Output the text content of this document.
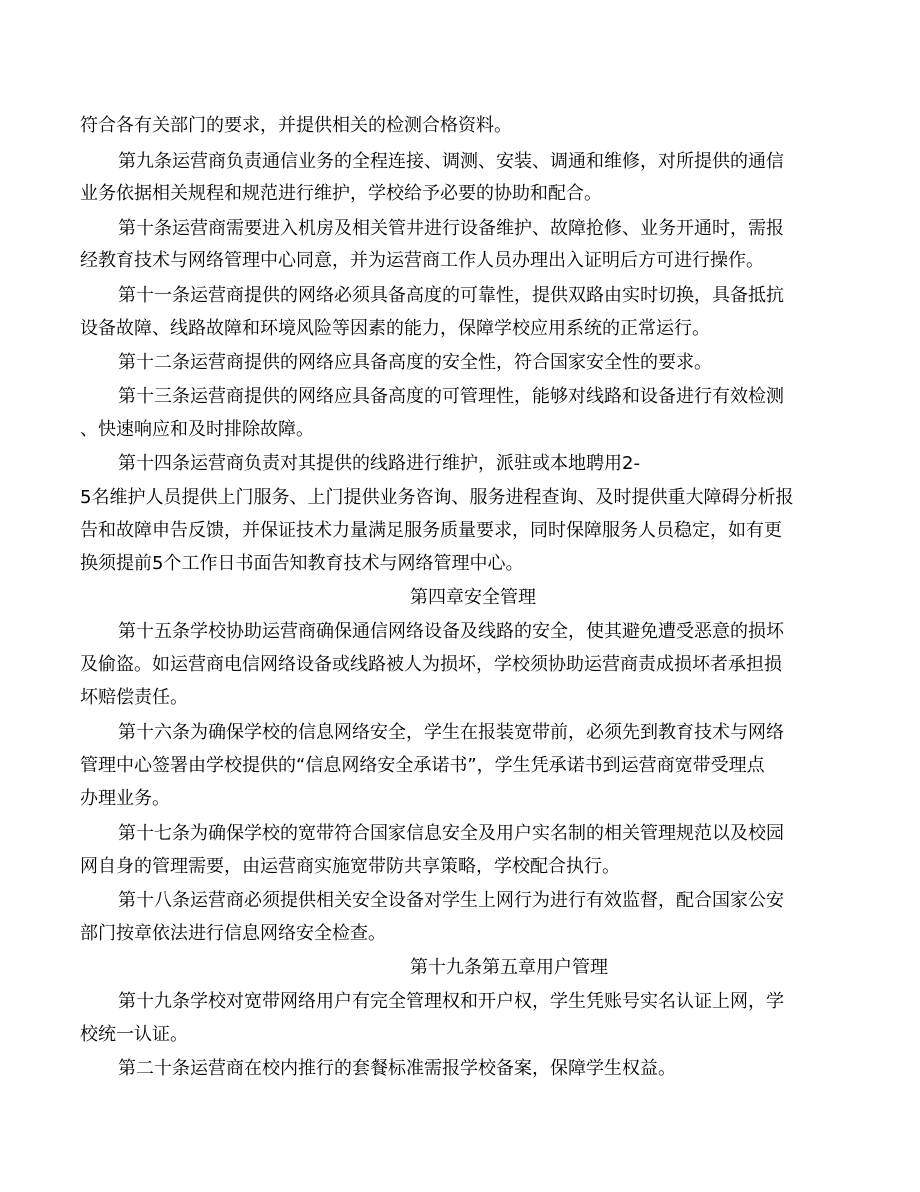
符合各有关部门的要求，并提供相关的检测合格资料。
第九条运营商负责通信业务的全程连接、调测、安装、调通和维修，对所提供的通信
业务依据相关规程和规范进行维护，学校给予必要的协助和配合。
第十条运营商需要进入机房及相关管井进行设备维护、故障抢修、业务开通时，需报
经教育技术与网络管理中心同意，并为运营商工作人员办理出入证明后方可进行操作。
第十一条运营商提供的网络必须具备高度的可靠性，提供双路由实时切换，具备抵抗
设备故障、线路故障和环境风险等因素的能力，保障学校应用系统的正常运行。
第十二条运营商提供的网络应具备高度的安全性，符合国家安全性的要求。
第十三条运营商提供的网络应具备高度的可管理性，能够对线路和设备进行有效检测
、快速响应和及时排除故障。
第十四条运营商负责对其提供的线路进行维护，派驻或本地聘用2-
5名维护人员提供上门服务、上门提供业务咨询、服务进程查询、及时提供重大障碍分析报
告和故障申告反馈，并保证技术力量满足服务质量要求，同时保障服务人员稳定，如有更
换须提前5个工作日书面告知教育技术与网络管理中心。
第四章安全管理
第十五条学校协助运营商确保通信网络设备及线路的安全，使其避免遭受恶意的损坏
及偷盗。如运营商电信网络设备或线路被人为损坏，学校须协助运营商责成损坏者承担损
坏赔偿责任。
第十六条为确保学校的信息网络安全，学生在报装宽带前，必须先到教育技术与网络
管理中心签署由学校提供的“信息网络安全承诺书”，学生凭承诺书到运营商宽带受理点
办理业务。
第十七条为确保学校的宽带符合国家信息安全及用户实名制的相关管理规范以及校园
网自身的管理需要，由运营商实施宽带防共享策略，学校配合执行。
第十八条运营商必须提供相关安全设备对学生上网行为进行有效监督，配合国家公安
部门按章依法进行信息网络安全检查。
第十九条第五章用户管理
第十九条学校对宽带网络用户有完全管理权和开户权，学生凭账号实名认证上网，学
校统一认证。
第二十条运营商在校内推行的套餐标准需报学校备案，保障学生权益。
